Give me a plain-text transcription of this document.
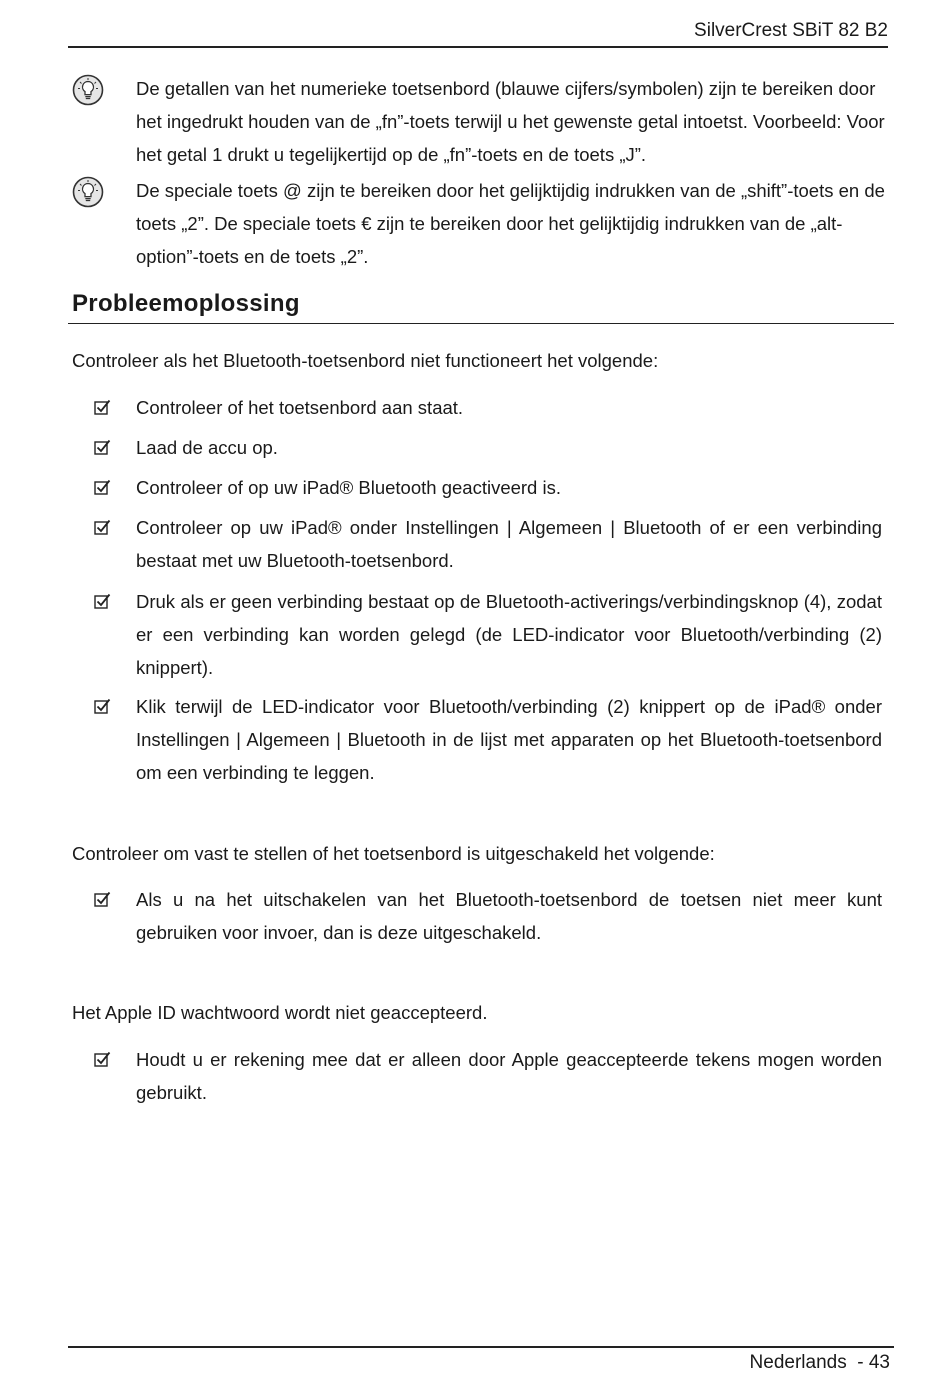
SilverCrest SBiT 82 B2
De getallen van het numerieke toetsenbord (blauwe cijfers/symbolen) zijn te bereiken door het ingedrukt houden van de „fn”-toets terwijl u het gewenste getal intoetst. Voorbeeld: Voor het getal 1 drukt u tegelijkertijd op de „fn”-toets en de toets „J”.
De speciale toets @ zijn te bereiken door het gelijktijdig indrukken van de „shift”-toets en de toets „2”. De speciale toets € zijn te bereiken door het gelijktijdig indrukken van de „alt-option”-toets en de toets „2”.
Probleemoplossing
Controleer als het Bluetooth-toetsenbord niet functioneert het volgende:
Controleer of het toetsenbord aan staat.
Laad de accu op.
Controleer of op uw iPad® Bluetooth geactiveerd is.
Controleer op uw iPad® onder Instellingen | Algemeen | Bluetooth of er een verbinding bestaat met uw Bluetooth-toetsenbord.
Druk als er geen verbinding bestaat op de Bluetooth-activerings/verbindingsknop (4), zodat er een verbinding kan worden gelegd (de LED-indicator voor Bluetooth/verbinding (2) knippert).
Klik terwijl de LED-indicator voor Bluetooth/verbinding (2) knippert op de iPad® onder Instellingen | Algemeen | Bluetooth in de lijst met apparaten op het Bluetooth-toetsenbord om een verbinding te leggen.
Controleer om vast te stellen of het toetsenbord is uitgeschakeld het volgende:
Als u na het uitschakelen van het Bluetooth-toetsenbord de toetsen niet meer kunt gebruiken voor invoer, dan is deze uitgeschakeld.
Het Apple ID wachtwoord wordt niet geaccepteerd.
Houdt u er rekening mee dat er alleen door Apple geaccepteerde tekens mogen worden gebruikt.
Nederlands  - 43
